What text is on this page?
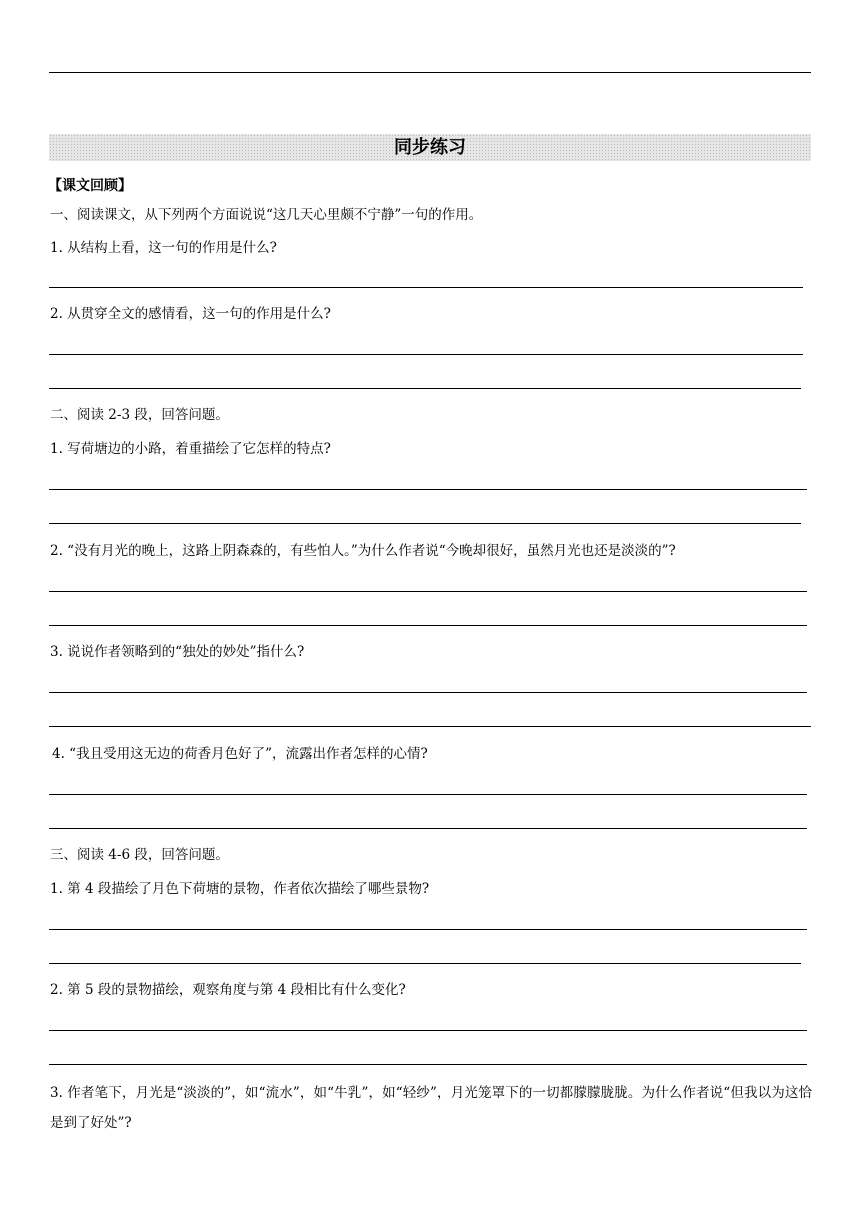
同步练习
【课文回顾】
一、阅读课文，从下列两个方面说说“这几天心里颇不宁静”一句的作用。
1. 从结构上看，这一句的作用是什么?
2. 从贯穿全文的感情看，这一句的作用是什么?
二、阅读 2-3 段，回答问题。
1. 写荷塘边的小路，着重描绘了它怎样的特点?
2. “没有月光的晚上，这路上阴森森的，有些怕人。”为什么作者说“今晚却很好，虽然月光也还是淡淡的”?
3. 说说作者领略到的“独处的妙处”指什么?
4. “我且受用这无边的荷香月色好了”，流露出作者怎样的心情?
三、阅读 4-6 段，回答问题。
1. 第 4 段描绘了月色下荷塘的景物，作者依次描绘了哪些景物?
2. 第 5 段的景物描绘，观察角度与第 4 段相比有什么变化?
3. 作者笔下，月光是“淡淡的”，如“流水”，如“牛乳”，如“轻纱”，月光笼罩下的一切都朦朦胧胧。为什么作者说“但我以为这恰是到了好处”?
